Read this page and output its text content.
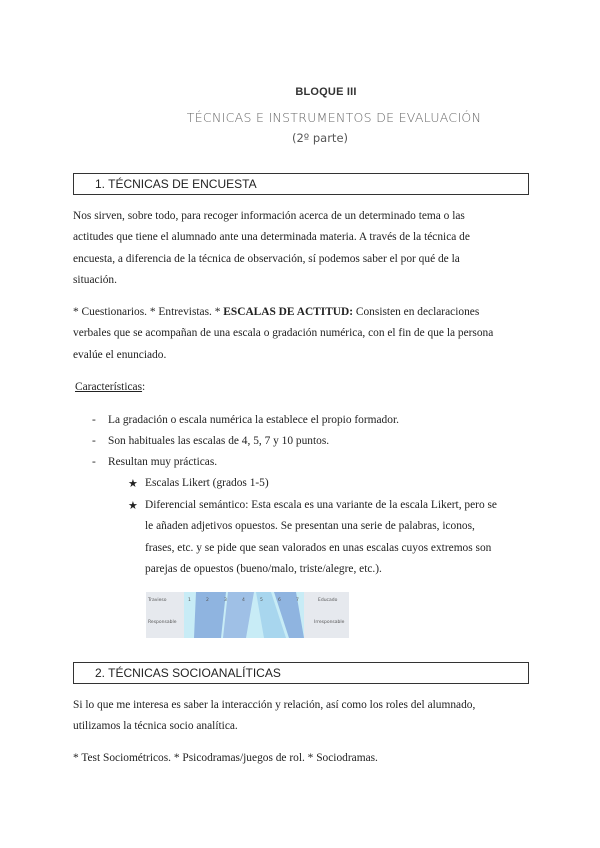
BLOQUE III
TÉCNICAS E INSTRUMENTOS DE EVALUACIÓN
(2º parte)
1. TÉCNICAS DE ENCUESTA
Nos sirven, sobre todo, para recoger información acerca de un determinado tema o las
actitudes que tiene el alumnado ante una determinada materia. A través de la técnica de
encuesta, a diferencia de la técnica de observación, sí podemos saber el por qué de la
situación.
* Cuestionarios. * Entrevistas. * ESCALAS DE ACTITUD: Consisten en declaraciones
verbales que se acompañan de una escala o gradación numérica, con el fin de que la persona
evalúe el enunciado.
Características:
- La gradación o escala numérica la establece el propio formador.
- Son habituales las escalas de 4, 5, 7 y 10 puntos.
- Resultan muy prácticas.
★ Escalas Likert (grados 1-5)
★ Diferencial semántico: Esta escala es una variante de la escala Likert, pero se
le añaden adjetivos opuestos. Se presentan una serie de palabras, iconos,
frases, etc. y se pide que sean valorados en unas escalas cuyos extremos son
parejas de opuestos (bueno/malo, triste/alegre, etc.).
Travieso
Responsable
Educado
Irresponsable
1	2	3	4	5	6	7
2. TÉCNICAS SOCIOANALÍTICAS
Si lo que me interesa es saber la interacción y relación, así como los roles del alumnado,
utilizamos la técnica socio analítica.
* Test Sociométricos. * Psicodramas/juegos de rol. * Sociodramas.
